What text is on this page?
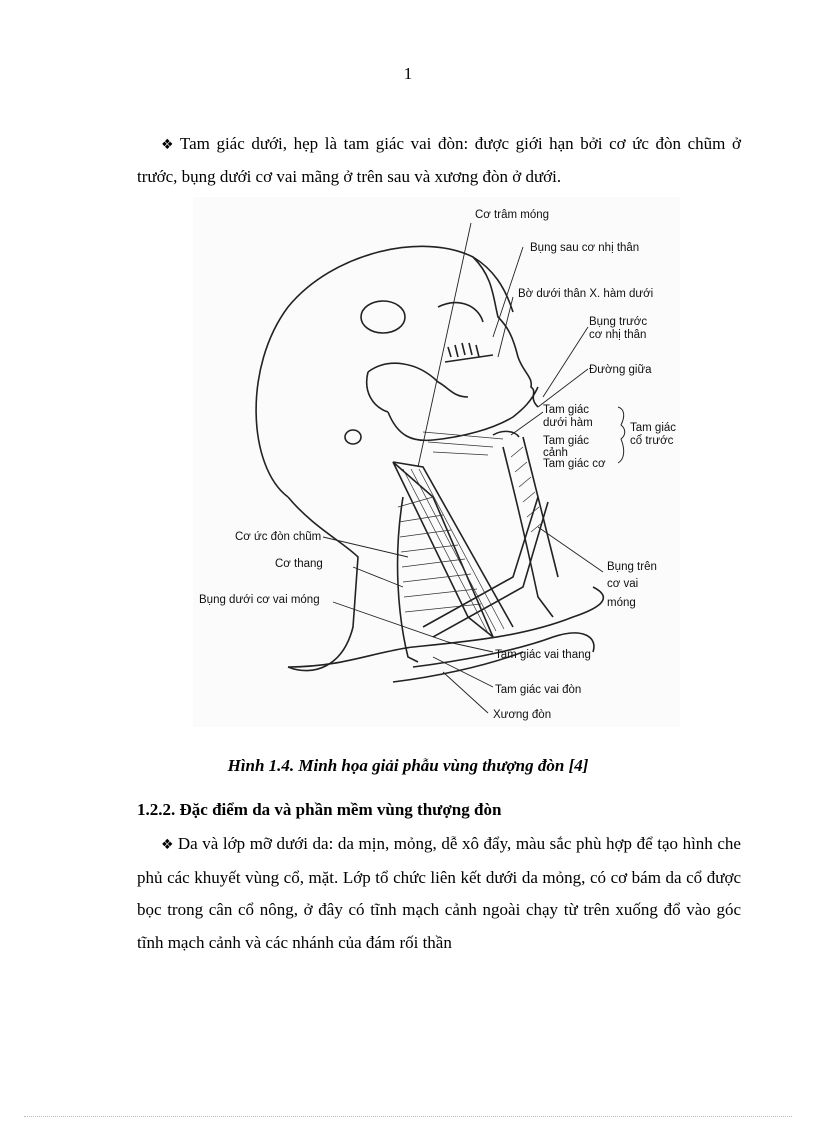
1

❖ Tam giác dưới, hẹp là tam giác vai đòn: được giới hạn bởi cơ ức đòn chũm ở trước, bụng dưới cơ vai mãng ở trên sau và xương đòn ở dưới.

Cơ trâm móng
Bụng sau cơ nhị thân
Bờ dưới thân X. hàm dưới
Bụng trước
cơ nhị thân
Đường giữa
Tam giác
dưới hàm
Tam giác
cảnh
Tam giác cơ
Tam giác
cổ trước
Cơ ức đòn chũm
Cơ thang
Bụng dưới cơ vai móng
Bụng trên
cơ vai
móng
Tam giác vai thang
Tam giác vai đòn
Xương đòn
Hình 1.4. Minh họa giải phẫu vùng thượng đòn [4]
1.2.2. Đặc điểm da và phần mềm vùng thượng đòn

❖ Da và lớp mỡ dưới da: da mịn, mỏng, dễ xô đẩy, màu sắc phù hợp để tạo hình che phủ các khuyết vùng cổ, mặt. Lớp tổ chức liên kết dưới da mỏng, có cơ bám da cổ được bọc trong cân cổ nông, ở đây có tĩnh mạch cảnh ngoài chạy từ trên xuống đổ vào góc tĩnh mạch cảnh và các nhánh của đám rối thần
